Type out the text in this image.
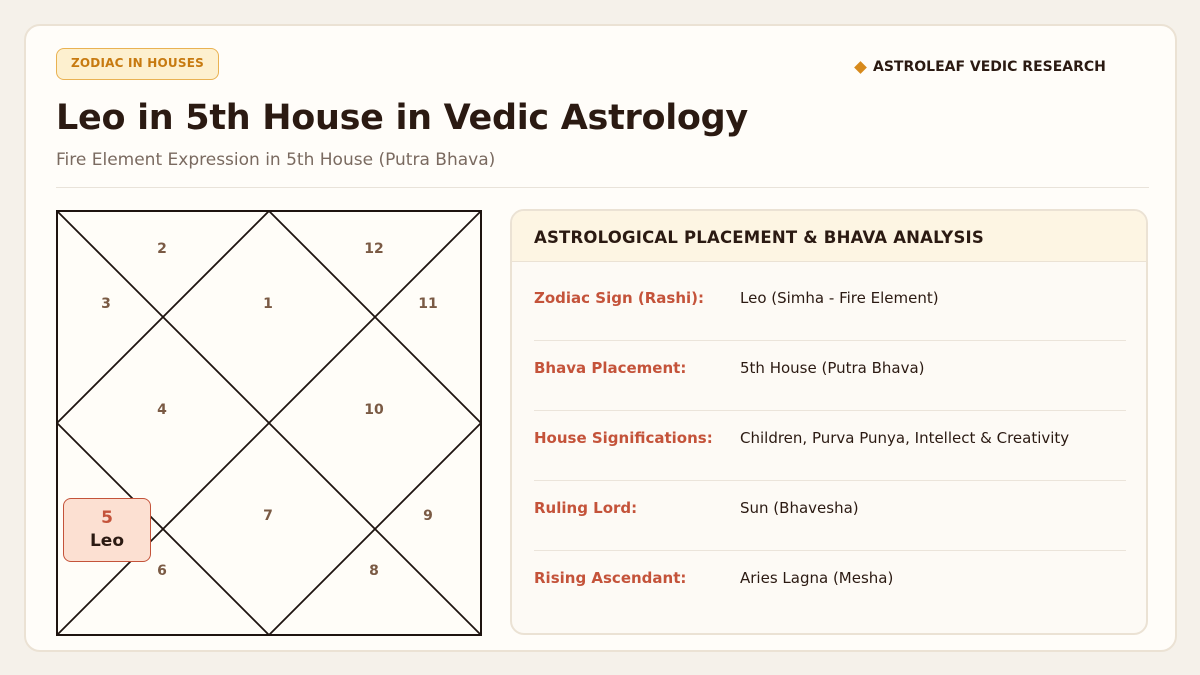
ZODIAC IN HOUSES	ASTROLEAF VEDIC RESEARCH
Leo in 5th House in Vedic Astrology
Fire Element Expression in 5th House (Putra Bhava)
2	12
3	1	11
4	10
7	9
6	8
5
Leo
ASTROLOGICAL PLACEMENT & BHAVA ANALYSIS
Zodiac Sign (Rashi): Leo (Simha - Fire Element)
Bhava Placement:	5th House (Putra Bhava)
House Significations: Children, Purva Punya, Intellect & Creativity
Ruling Lord:	Sun (Bhavesha)
Rising Ascendant:	Aries Lagna (Mesha)
